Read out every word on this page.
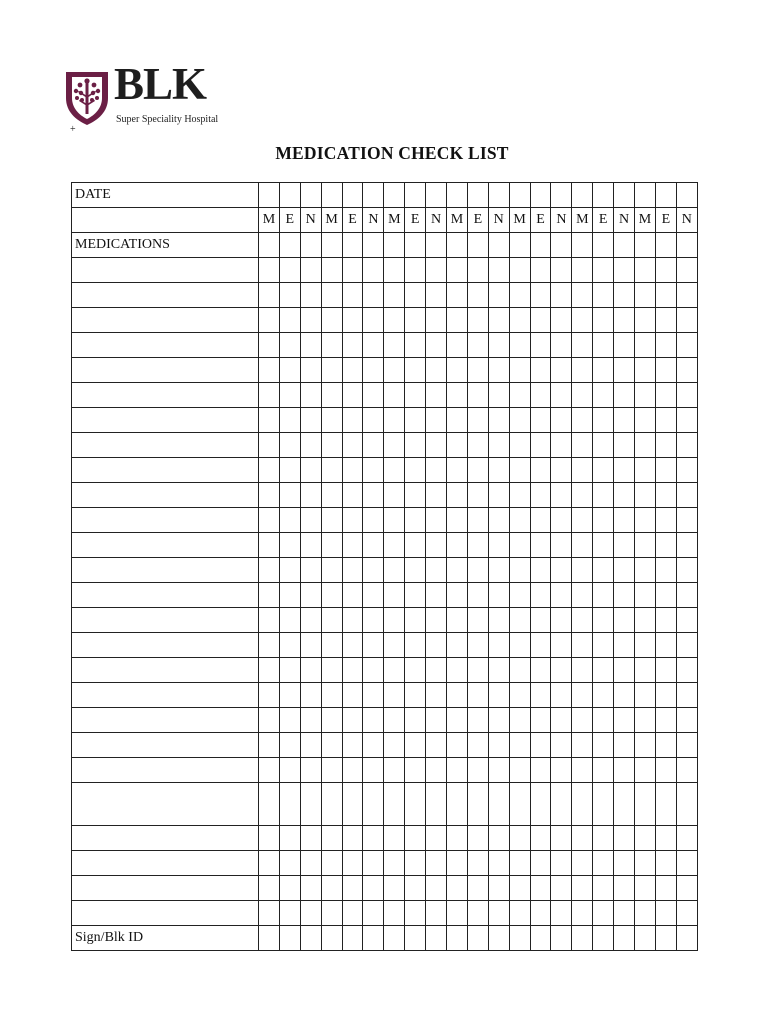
BLK
Super Speciality Hospital
+
MEDICATION CHECK LIST
DATE																					
	M	E	N	M	E	N	M	E	N	M	E	N	M	E	N	M	E	N	M	E	N
MEDICATIONS																					

Sign/Blk ID																					
